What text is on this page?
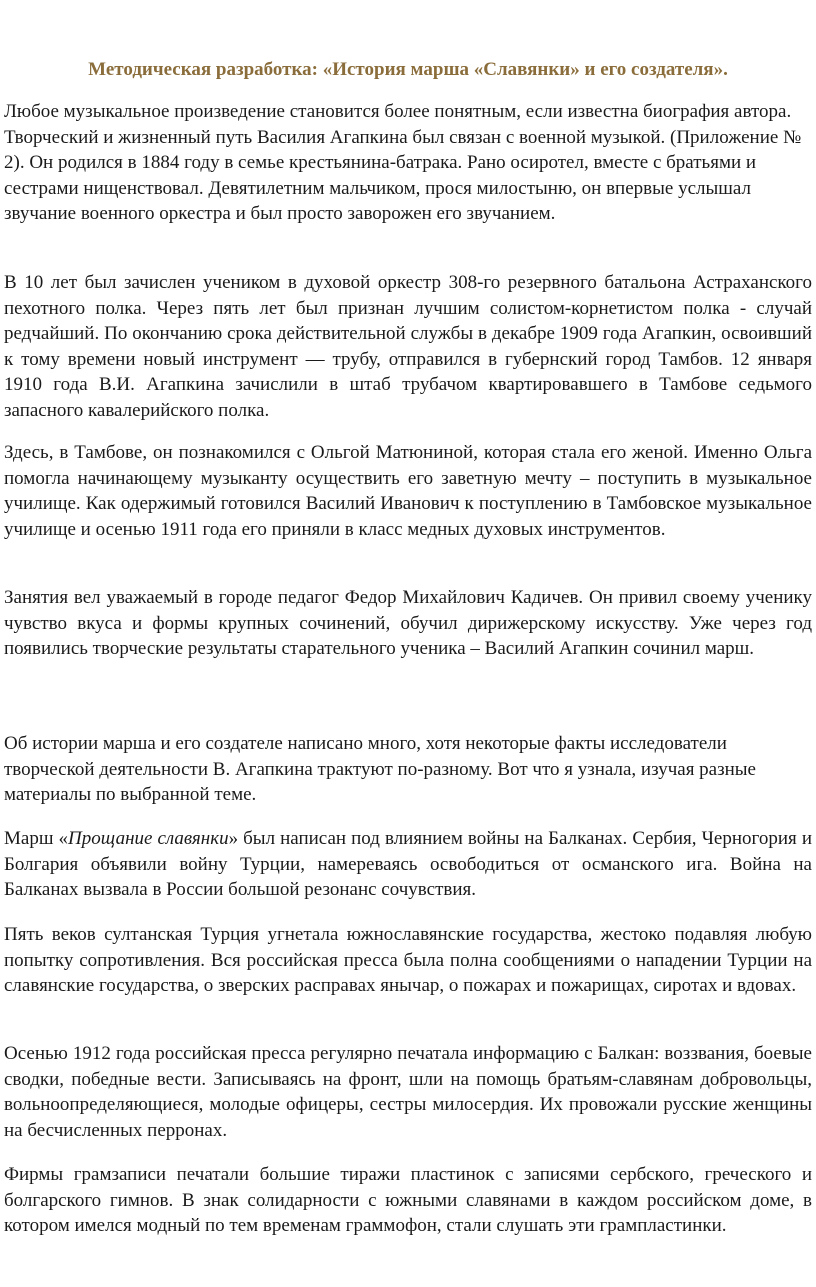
Методическая разработка: «История марша «Славянки» и его создателя».

Любое музыкальное произведение становится более понятным, если известна биография автора. Творческий и жизненный путь Василия Агапкина был связан с военной музыкой. (Приложение № 2). Он родился в 1884 году в семье крестьянина-батрака. Рано осиротел, вместе с братьями и сестрами нищенствовал. Девятилетним мальчиком, прося милостыню, он впервые услышал звучание военного оркестра и был просто заворожен его звучанием.

В 10 лет был зачислен учеником в духовой оркестр 308-го резервного батальона Астраханского пехотного полка. Через пять лет был признан лучшим солистом-корнетистом полка - случай редчайший. По окончанию срока действительной службы в декабре 1909 года Агапкин, освоивший к тому времени новый инструмент — трубу, отправился в губернский город Тамбов. 12 января 1910 года В.И. Агапкина зачислили в штаб трубачом квартировавшего в Тамбове седьмого запасного кавалерийского полка.

Здесь, в Тамбове, он познакомился с Ольгой Матюниной, которая стала его женой. Именно Ольга помогла начинающему музыканту осуществить его заветную мечту – поступить в музыкальное училище. Как одержимый готовился Василий Иванович к поступлению в Тамбовское музыкальное училище и осенью 1911 года его приняли в класс медных духовых инструментов.

Занятия вел уважаемый в городе педагог Федор Михайлович Кадичев. Он привил своему ученику чувство вкуса и формы крупных сочинений, обучил дирижерскому искусству. Уже через год появились творческие результаты старательного ученика – Василий Агапкин сочинил марш.

Об истории марша и его создателе написано много, хотя некоторые факты исследователи творческой деятельности В. Агапкина трактуют по-разному. Вот что я узнала, изучая разные материалы по выбранной теме.

Марш «Прощание славянки» был написан под влиянием войны на Балканах. Сербия, Черногория и Болгария объявили войну Турции, намереваясь освободиться от османского ига. Война на Балканах вызвала в России большой резонанс сочувствия.

Пять веков султанская Турция угнетала южнославянские государства, жестоко подавляя любую попытку сопротивления. Вся российская пресса была полна сообщениями о нападении Турции на славянские государства, о зверских расправах янычар, о пожарах и пожарищах, сиротах и вдовах.

Осенью 1912 года российская пресса регулярно печатала информацию с Балкан: воззвания, боевые сводки, победные вести. Записываясь на фронт, шли на помощь братьям-славянам добровольцы, вольноопределяющиеся, молодые офицеры, сестры милосердия. Их провожали русские женщины на бесчисленных перронах.

Фирмы грамзаписи печатали большие тиражи пластинок с записями сербского, греческого и болгарского гимнов. В знак солидарности с южными славянами в каждом российском доме, в котором имелся модный по тем временам граммофон, стали слушать эти грампластинки.
